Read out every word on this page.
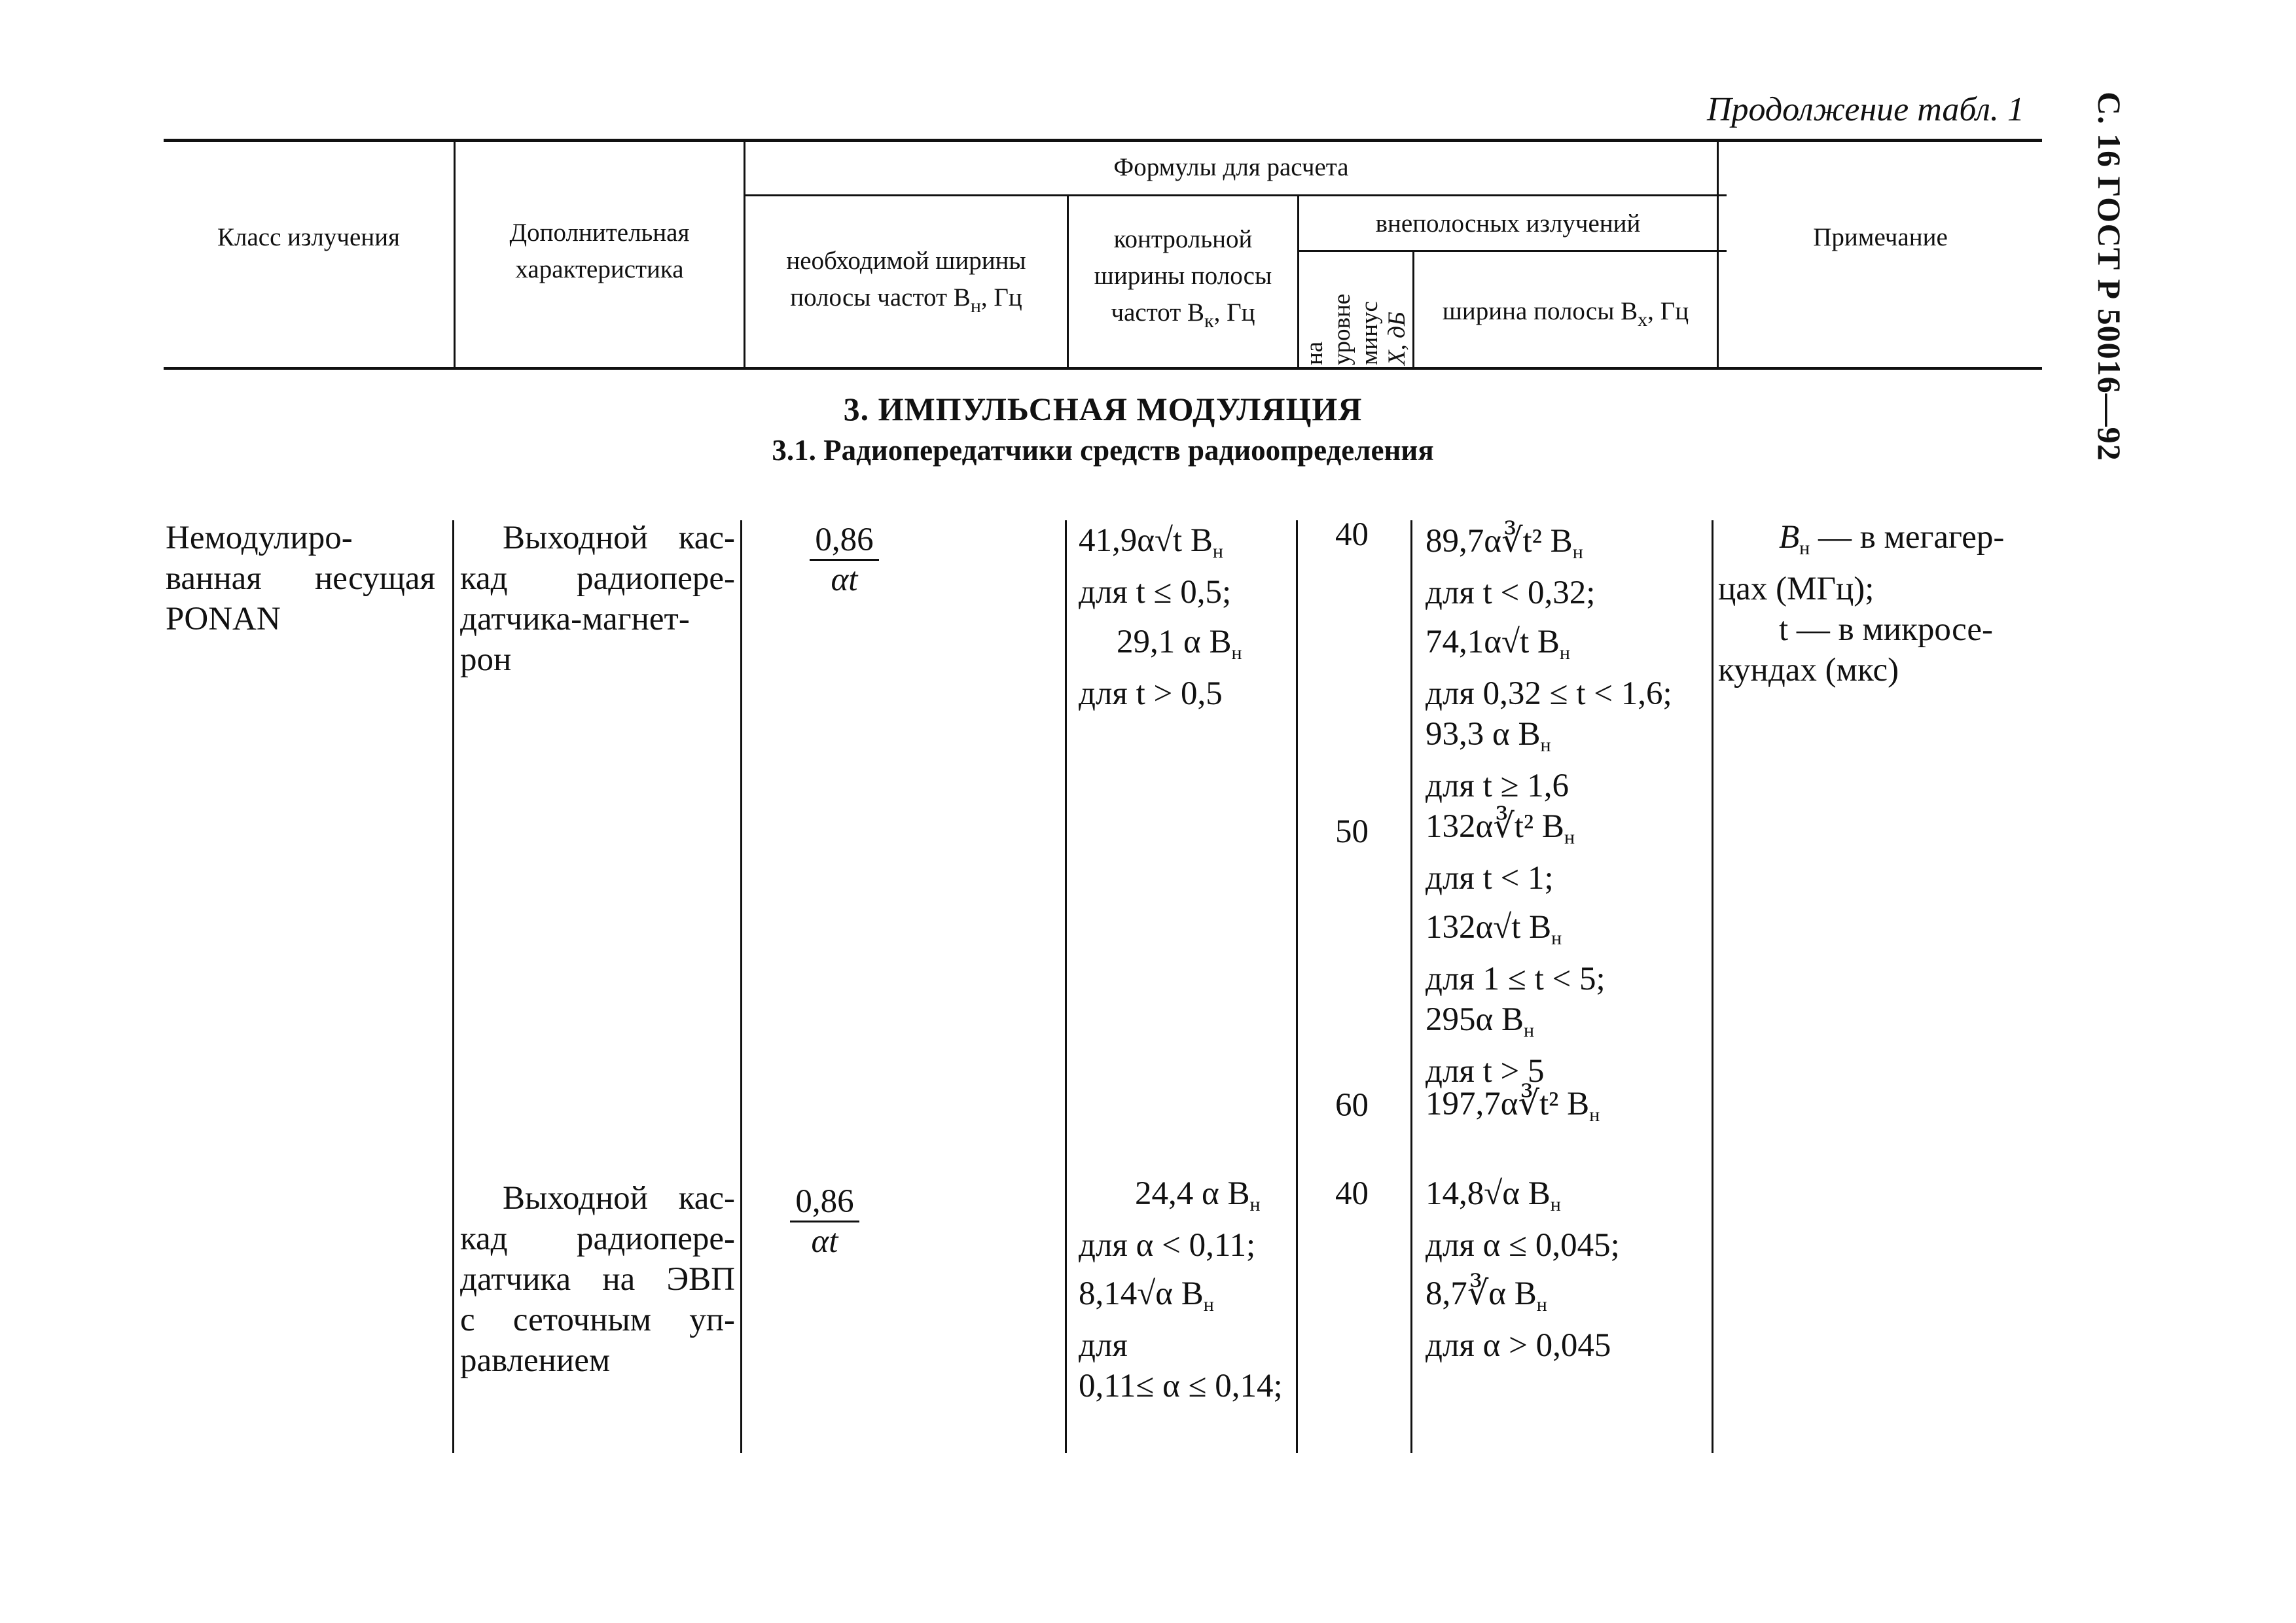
Продолжение табл. 1 С. 16 ГОСТ Р 50016—92
Класс излучения	Дополнительная характеристика
Формулы для расчета
необходимой ширины
полосы частот $B_н$, Гц
контрольной
ширины полосы
частот $B_к$, Гц
внеполосных излучений
на уровне минус X, дБ
ширина полосы $B_х$, Гц
Примечание
3. ИМПУЛЬСНАЯ МОДУЛЯЦИЯ
3.1. Радиопередатчики средств радиоопределения
Немодулиро-
ванная несущая
PONAN
Выходной кас-
кад радиопере-
датчика-магнет-
рон
0,86
αt
41,9α√t $B_н$
для t ≤ 0,5;
29,1 α $B_н$
для t > 0,5
40
50
60
89,7α∛t² $B_н$
для t < 0,32;
74,1α√t $B_н$
для 0,32 ≤ t < 1,6;
93,3 α $B_н$
для t ≥ 1,6
132α∛t² $B_н$
для t < 1;
132α√t $B_н$
для 1 ≤ t < 5;
295α $B_н$
для t > 5
197,7α∛t² $B_н$
$B_н$ — в мегагер-
цах (МГц);
t — в микросе-
кундах (мкс)
Выходной кас-
кад радиопере-
датчика на ЭВП
с сеточным уп-
равлением
0,86
αt
24,4 α $B_н$
для α < 0,11;
8,14√α $B_н$
для
0,11≤ α ≤ 0,14;
40 14,8√α $B_н$
для α ≤ 0,045;
8,7∛α $B_н$
для α > 0,045
